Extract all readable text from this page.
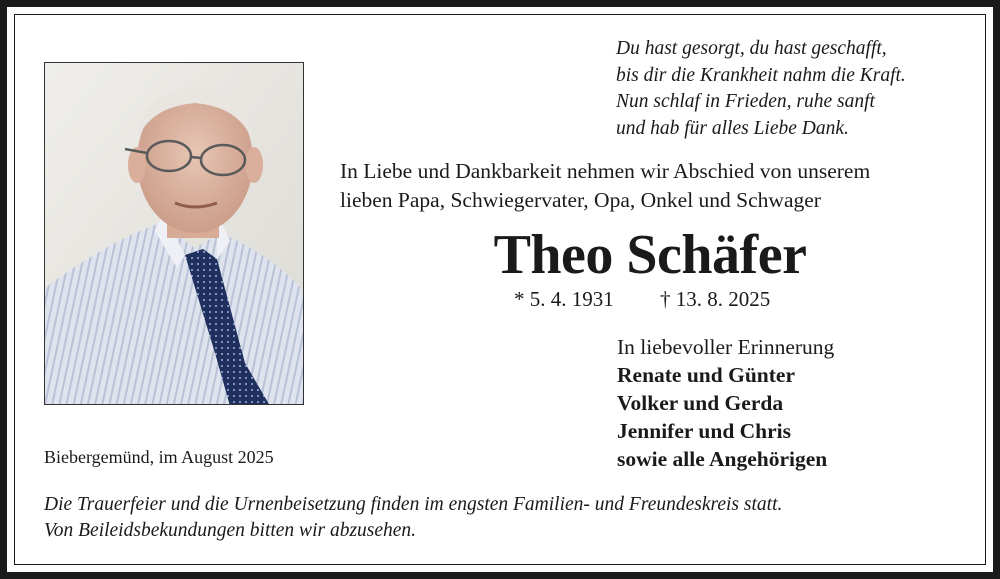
Du hast gesorgt, du hast geschafft,
bis dir die Krankheit nahm die Kraft.
Nun schlaf in Frieden, ruhe sanft
und hab für alles Liebe Dank.
In Liebe und Dankbarkeit nehmen wir Abschied von unserem
lieben Papa, Schwiegervater, Opa, Onkel und Schwager
Theo Schäfer
* 5. 4. 1931 † 13. 8. 2025
In liebevoller Erinnerung
Renate und Günter
Volker und Gerda
Jennifer und Chris
sowie alle Angehörigen
Biebergemünd, im August 2025
Die Trauerfeier und die Urnenbeisetzung finden im engsten Familien- und Freundeskreis statt.
Von Beileidsbekundungen bitten wir abzusehen.
